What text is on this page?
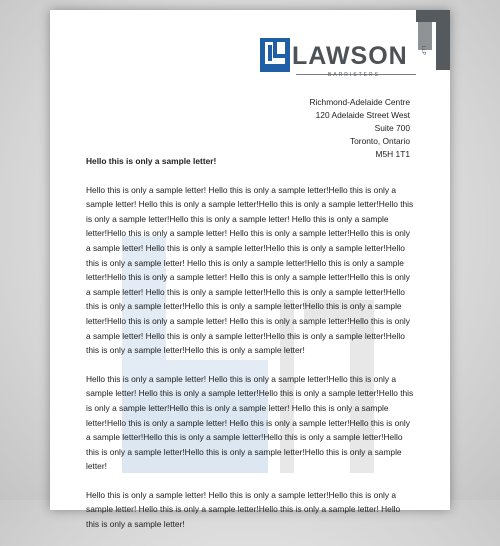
LAWSON
BARRISTERS
LLP
Richmond-Adelaide Centre
120 Adelaide Street West
Suite 700
Toronto, Ontario
M5H 1T1
Hello this is only a sample letter!

Hello this is only a sample letter! Hello this is only a sample letter!Hello this is only a sample letter! Hello this is only a sample letter!Hello this is only a sample letter!Hello this is only a sample letter!Hello this is only a sample letter! Hello this is only a sample letter!Hello this is only a sample letter! Hello this is only a sample letter!Hello this is only a sample letter! Hello this is only a sample letter!Hello this is only a sample letter!Hello this is only a sample letter! Hello this is only a sample letter!Hello this is only a sample letter!Hello this is only a sample letter! Hello this is only a sample letter!Hello this is only a sample letter! Hello this is only a sample letter!Hello this is only a sample letter!Hello this is only a sample letter!Hello this is only a sample letter!Hello this is only a sample letter!Hello this is only a sample letter! Hello this is only a sample letter!Hello this is only a sample letter! Hello this is only a sample letter!Hello this is only a sample letter!Hello this is only a sample letter!Hello this is only a sample letter!

Hello this is only a sample letter! Hello this is only a sample letter!Hello this is only a sample letter! Hello this is only a sample letter!Hello this is only a sample letter!Hello this is only a sample letter!Hello this is only a sample letter! Hello this is only a sample letter!Hello this is only a sample letter! Hello this is only a sample letter!Hello this is only a sample letter!Hello this is only a sample letter!Hello this is only a sample letter!Hello this is only a sample letter!Hello this is only a sample letter!Hello this is only a sample letter!

Hello this is only a sample letter! Hello this is only a sample letter!Hello this is only a sample letter! Hello this is only a sample letter!Hello this is only a sample letter! Hello this is only a sample letter!
